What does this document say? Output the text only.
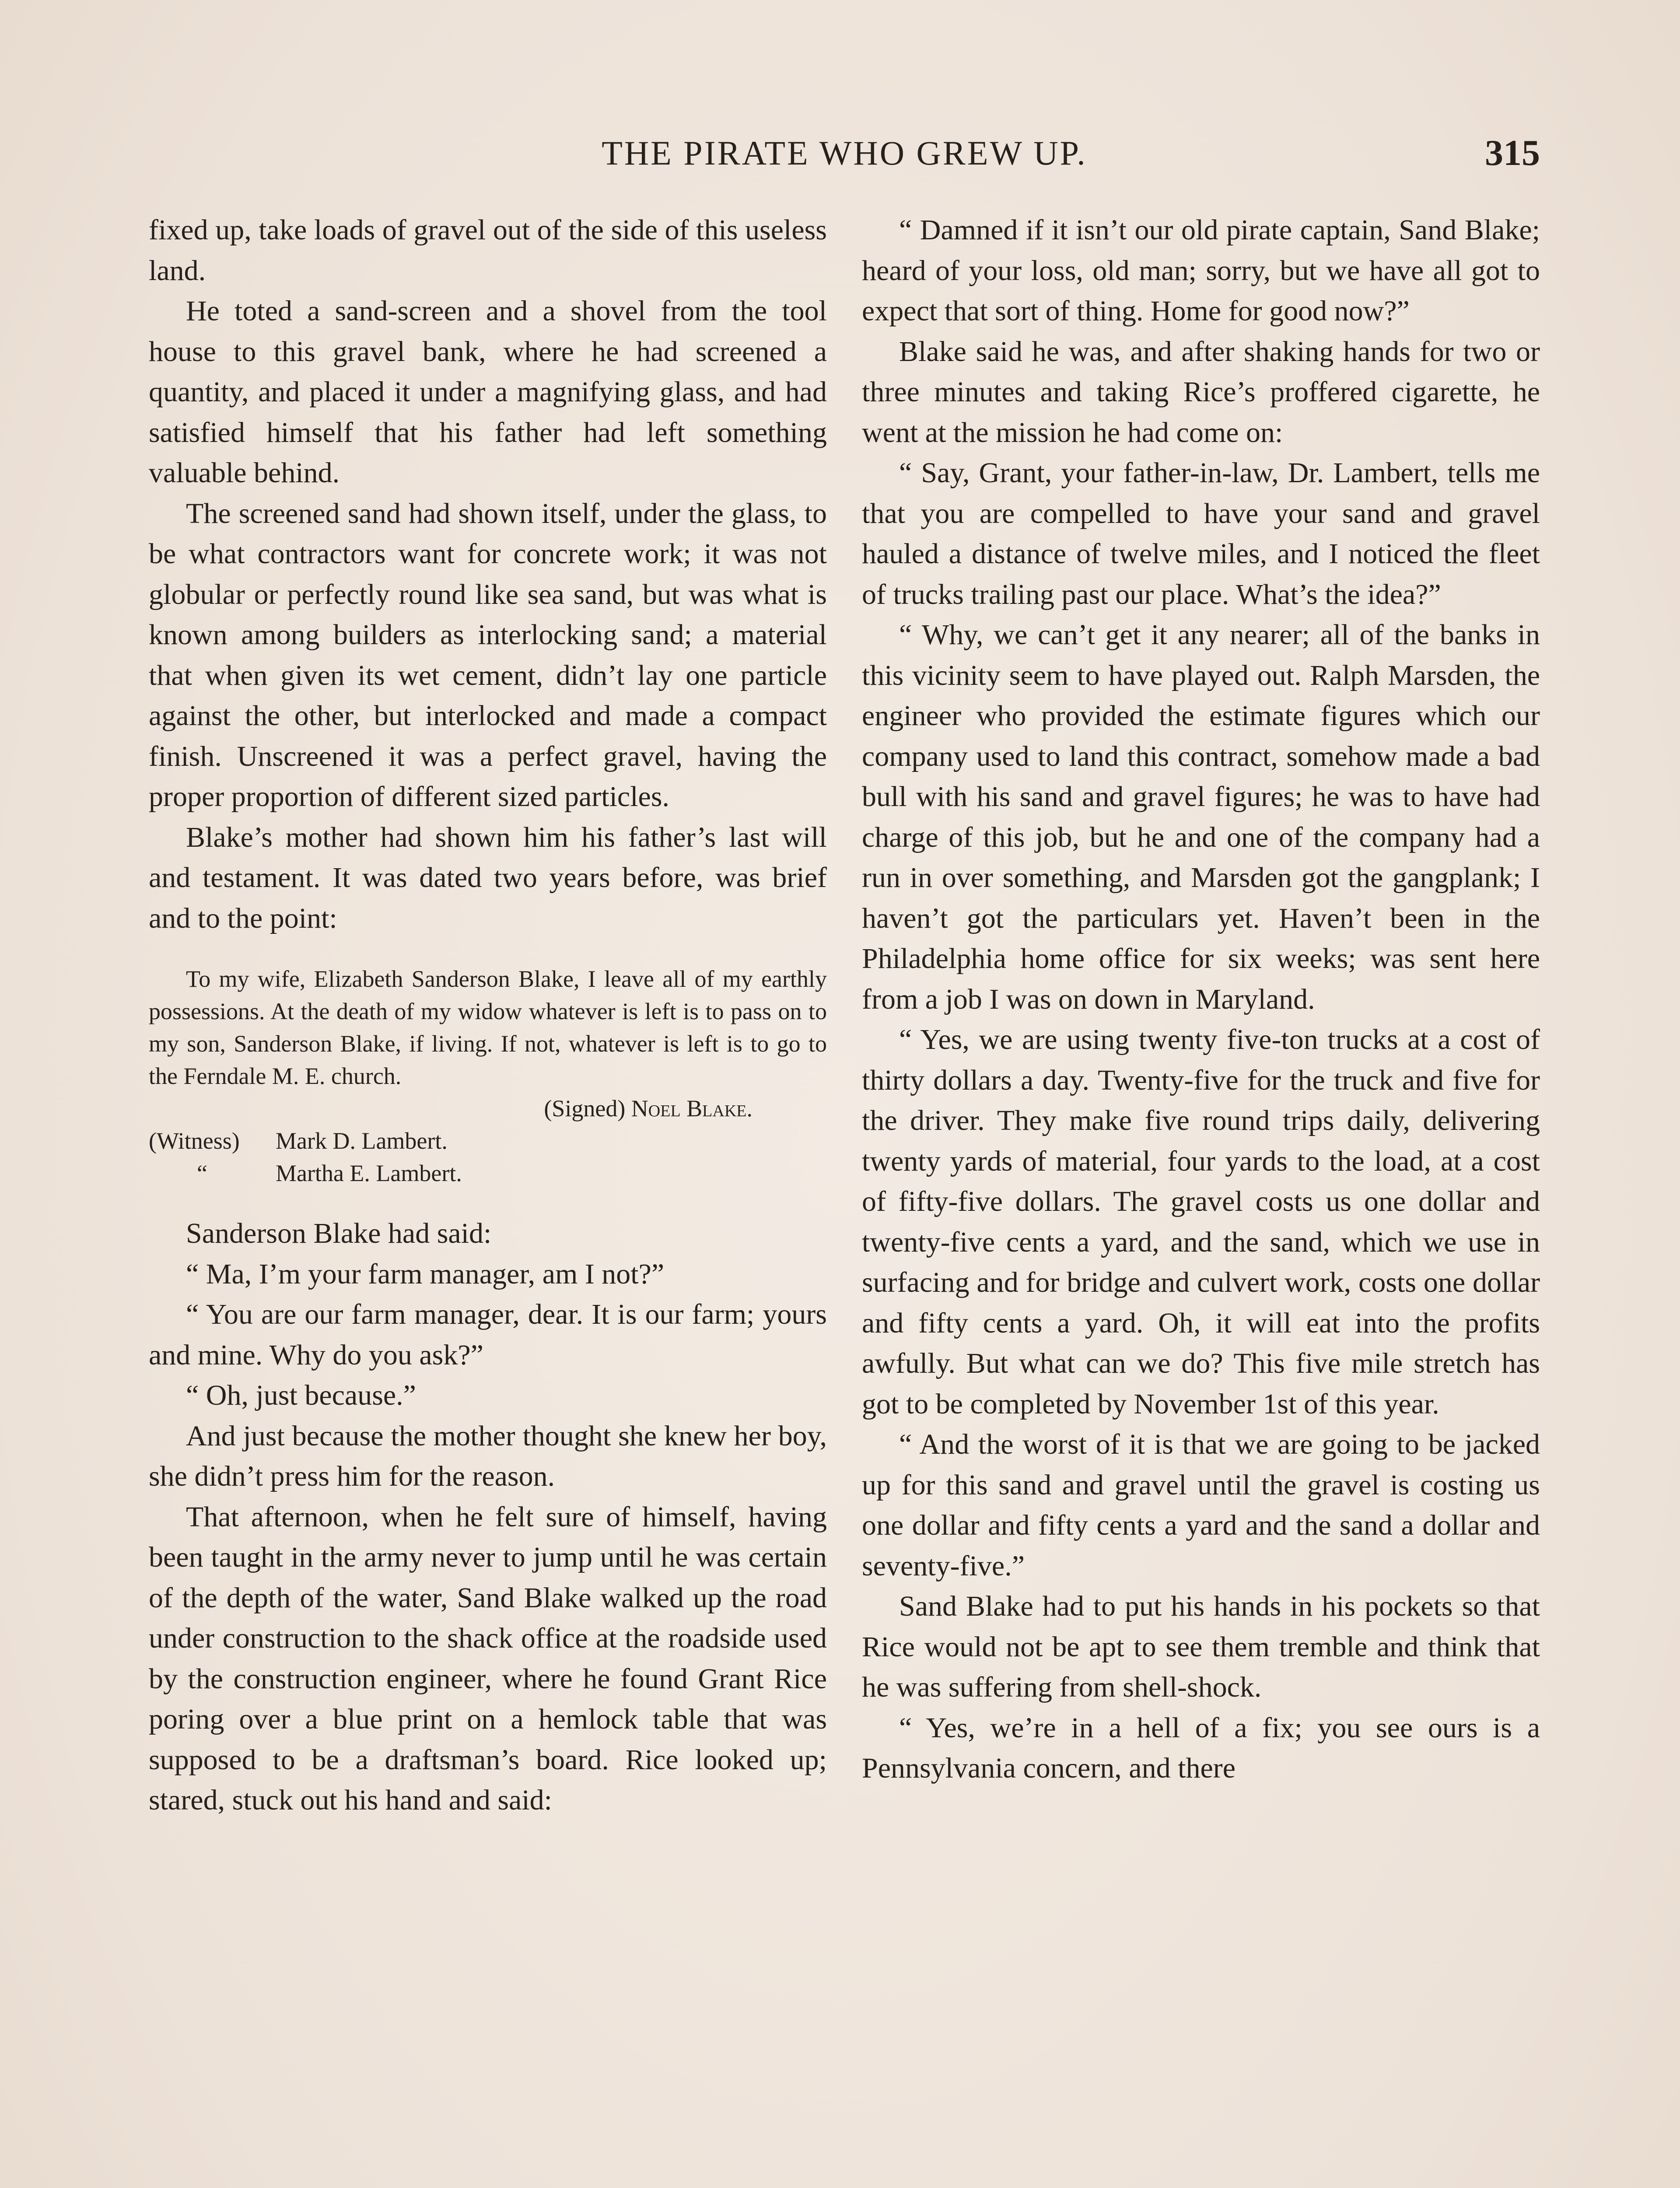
THE PIRATE WHO GREW UP.	315

fixed up, take loads of gravel out of the side of this useless land.

He toted a sand-screen and a shovel from the tool house to this gravel bank, where he had screened a quantity, and placed it under a magnifying glass, and had satisfied himself that his father had left something valuable behind.

The screened sand had shown itself, under the glass, to be what contractors want for concrete work; it was not globular or perfectly round like sea sand, but was what is known among builders as interlocking sand; a material that when given its wet cement, didn’t lay one particle against the other, but interlocked and made a compact finish. Unscreened it was a perfect gravel, having the proper proportion of different sized particles.

Blake’s mother had shown him his father’s last will and testament. It was dated two years before, was brief and to the point:

To my wife, Elizabeth Sanderson Blake, I leave all of my earthly possessions. At the death of my widow whatever is left is to pass on to my son, Sanderson Blake, if living. If not, whatever is left is to go to the Ferndale M. E. church.

(Signed) Noel Blake.
(Witness)	Mark D. Lambert.
“	Martha E. Lambert.

Sanderson Blake had said:

“ Ma, I’m your farm manager, am I not?”

“ You are our farm manager, dear. It is our farm; yours and mine. Why do you ask?”

“ Oh, just because.”

And just because the mother thought she knew her boy, she didn’t press him for the reason.

That afternoon, when he felt sure of himself, having been taught in the army never to jump until he was certain of the depth of the water, Sand Blake walked up the road under construction to the shack office at the roadside used by the construction engineer, where he found Grant Rice poring over a blue print on a hemlock table that was supposed to be a draftsman’s board. Rice looked up; stared, stuck out his hand and said:

“ Damned if it isn’t our old pirate captain, Sand Blake; heard of your loss, old man; sorry, but we have all got to expect that sort of thing. Home for good now?”

Blake said he was, and after shaking hands for two or three minutes and taking Rice’s proffered cigarette, he went at the mission he had come on:

“ Say, Grant, your father-in-law, Dr. Lambert, tells me that you are compelled to have your sand and gravel hauled a distance of twelve miles, and I noticed the fleet of trucks trailing past our place. What’s the idea?”

“ Why, we can’t get it any nearer; all of the banks in this vicinity seem to have played out. Ralph Marsden, the engineer who provided the estimate figures which our company used to land this contract, somehow made a bad bull with his sand and gravel figures; he was to have had charge of this job, but he and one of the company had a run in over something, and Marsden got the gangplank; I haven’t got the particulars yet. Haven’t been in the Philadelphia home office for six weeks; was sent here from a job I was on down in Maryland.

“ Yes, we are using twenty five-ton trucks at a cost of thirty dollars a day. Twenty-five for the truck and five for the driver. They make five round trips daily, delivering twenty yards of material, four yards to the load, at a cost of fifty-five dollars. The gravel costs us one dollar and twenty-five cents a yard, and the sand, which we use in surfacing and for bridge and culvert work, costs one dollar and fifty cents a yard. Oh, it will eat into the profits awfully. But what can we do? This five mile stretch has got to be completed by November 1st of this year.

“ And the worst of it is that we are going to be jacked up for this sand and gravel until the gravel is costing us one dollar and fifty cents a yard and the sand a dollar and seventy-five.”

Sand Blake had to put his hands in his pockets so that Rice would not be apt to see them tremble and think that he was suffering from shell-shock.

“ Yes, we’re in a hell of a fix; you see ours is a Pennsylvania concern, and there
